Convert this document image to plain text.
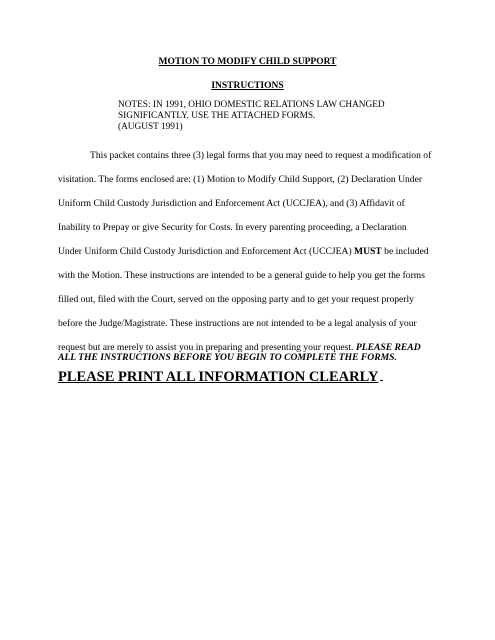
MOTION TO MODIFY CHILD SUPPORT
INSTRUCTIONS
NOTES: IN 1991, OHIO DOMESTIC RELATIONS LAW CHANGED
SIGNIFICANTLY. USE THE ATTACHED FORMS.
(AUGUST 1991)
This packet contains three (3) legal forms that you may need to request a modification of
visitation. The forms enclosed are: (1) Motion to Modify Child Support, (2) Declaration Under
Uniform Child Custody Jurisdiction and Enforcement Act (UCCJEA), and (3) Affidavit of
Inability to Prepay or give Security for Costs. In every parenting proceeding, a Declaration
Under Uniform Child Custody Jurisdiction and Enforcement Act (UCCJEA) MUST be included
with the Motion. These instructions are intended to be a general guide to help you get the forms
filled out, filed with the Court, served on the opposing party and to get your request properly
before the Judge/Magistrate. These instructions are not intended to be a legal analysis of your
request but are merely to assist you in preparing and presenting your request. PLEASE READ
ALL THE INSTRUCTIONS BEFORE YOU BEGIN TO COMPLETE THE FORMS.
PLEASE PRINT ALL INFORMATION CLEARLY
